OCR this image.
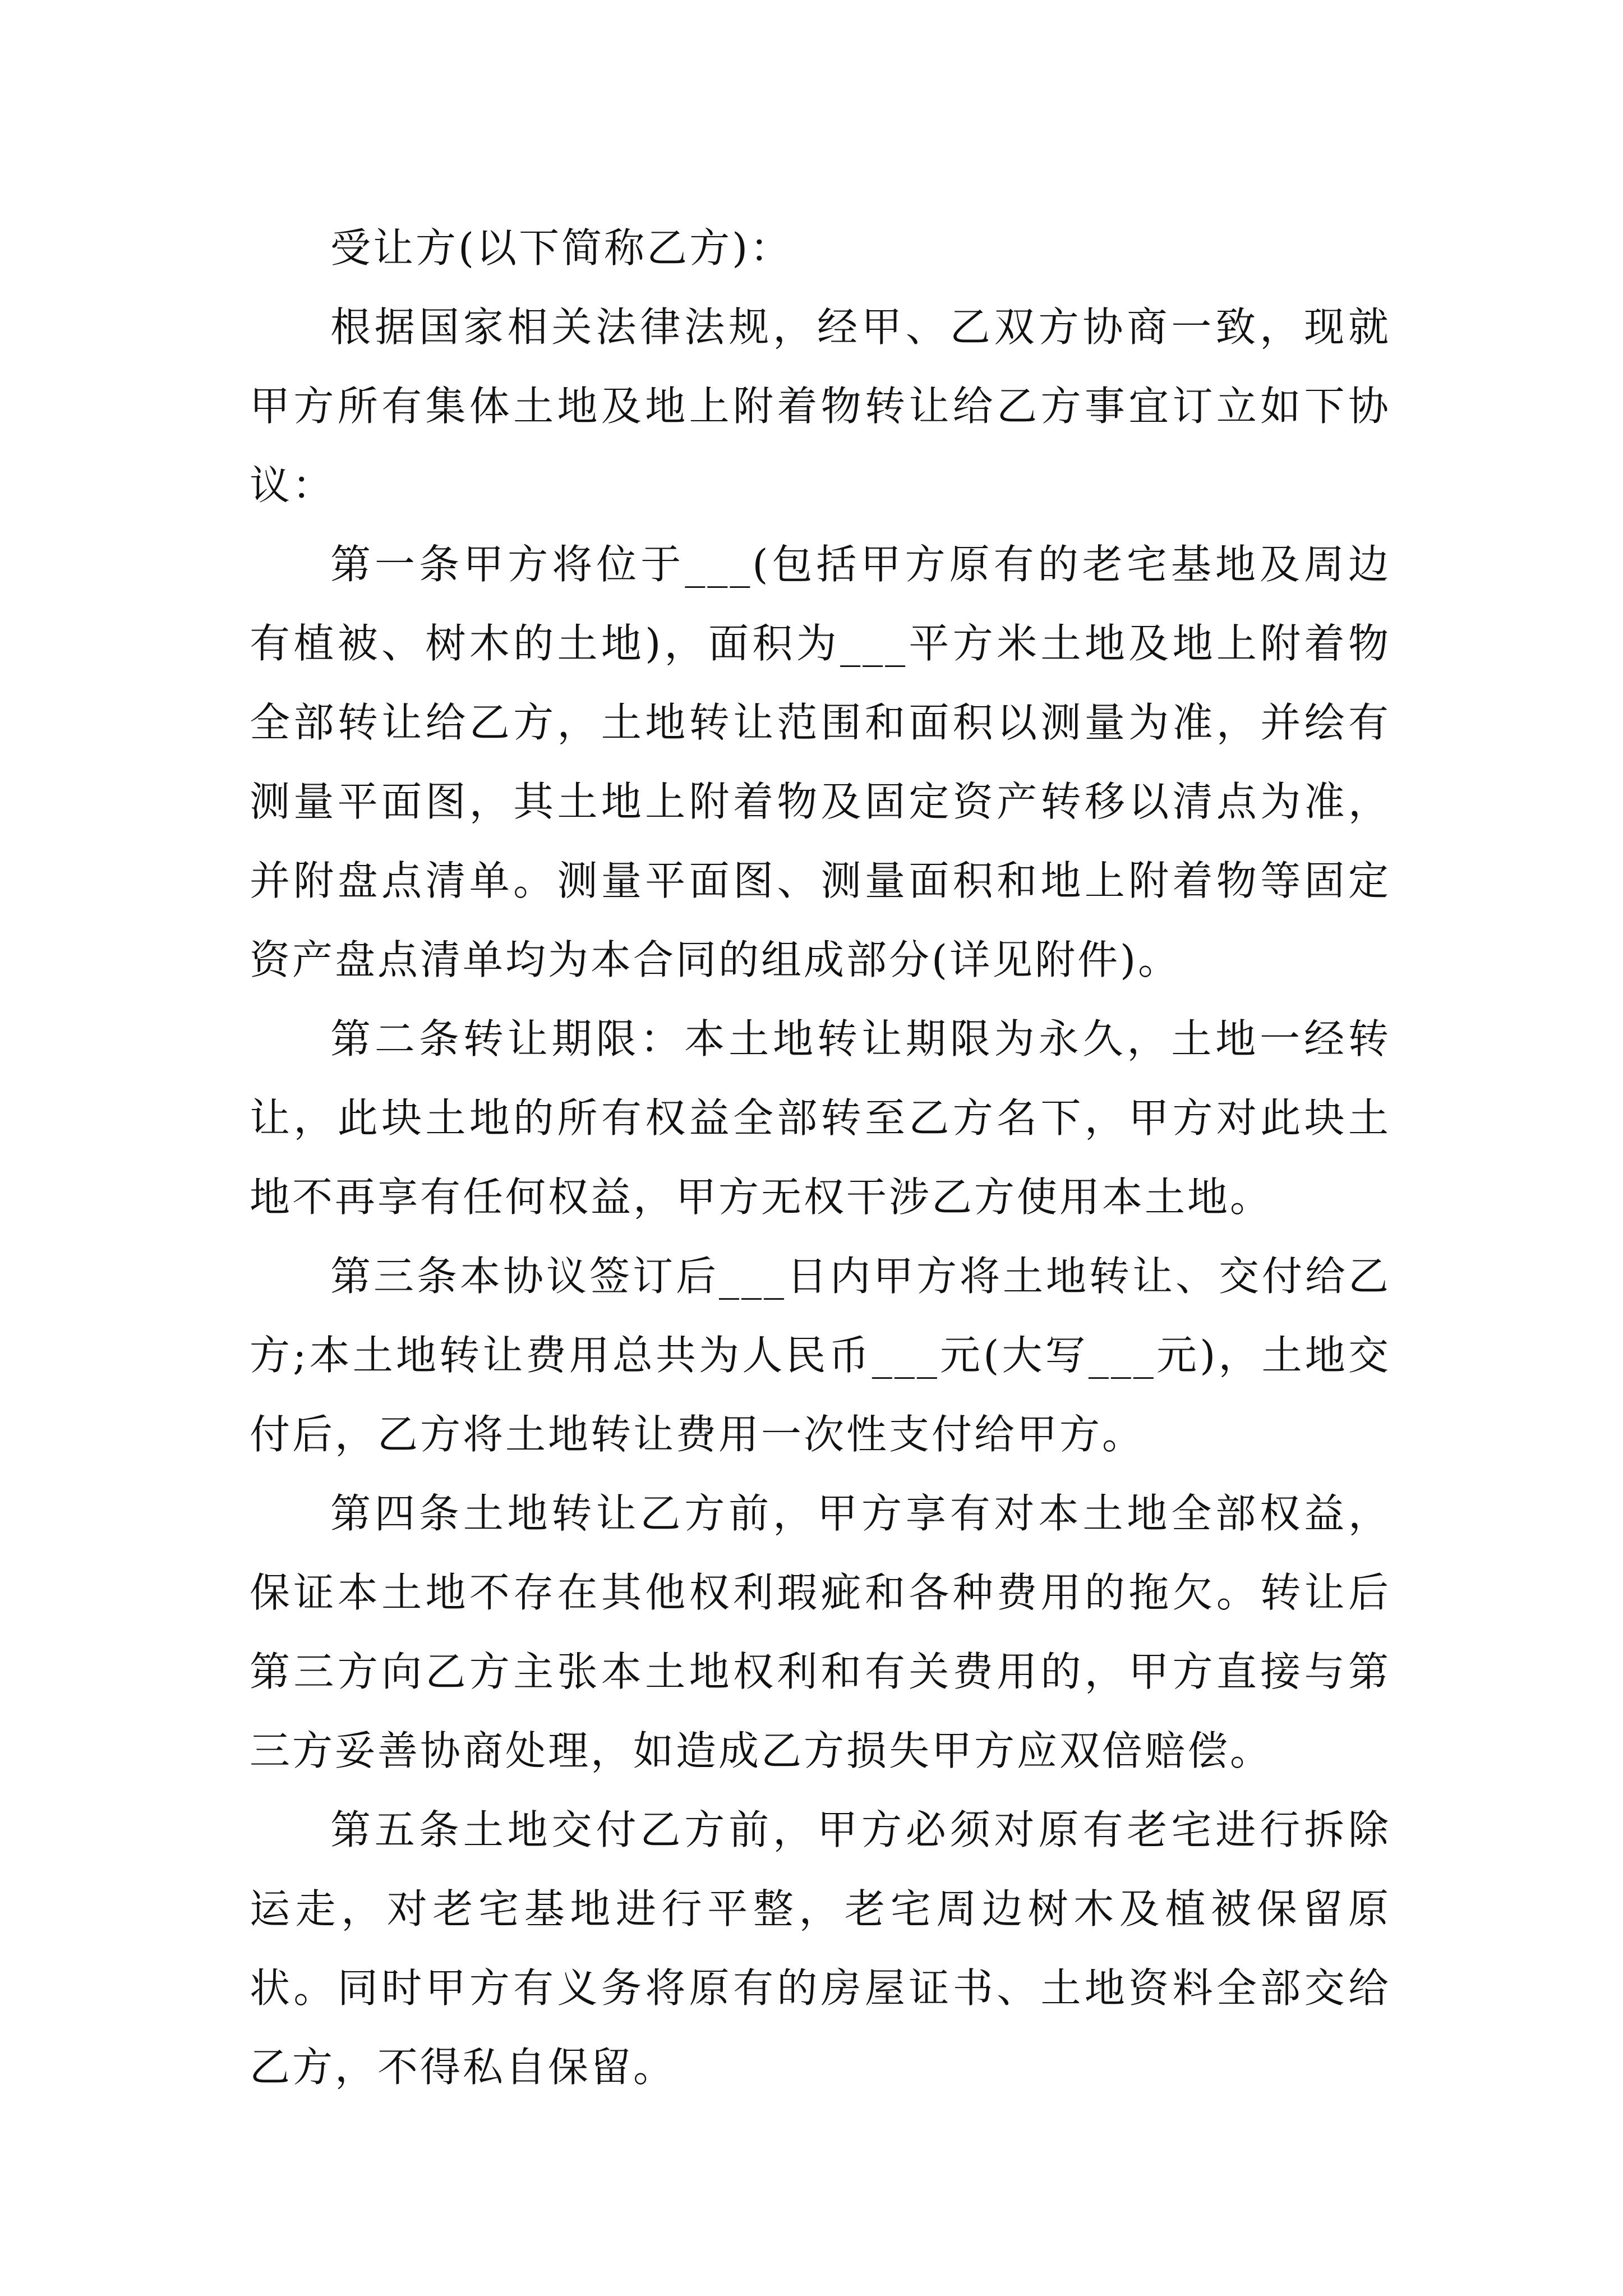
受让方(以下简称乙方)：

根据国家相关法律法规，经甲、乙双方协商一致，现就甲方所有集体土地及地上附着物转让给乙方事宜订立如下协议：

第一条甲方将位于___(包括甲方原有的老宅基地及周边有植被、树木的土地)，面积为___平方米土地及地上附着物全部转让给乙方，土地转让范围和面积以测量为准，并绘有测量平面图，其土地上附着物及固定资产转移以清点为准，并附盘点清单。测量平面图、测量面积和地上附着物等固定资产盘点清单均为本合同的组成部分(详见附件)。

第二条转让期限：本土地转让期限为永久，土地一经转让，此块土地的所有权益全部转至乙方名下，甲方对此块土地不再享有任何权益，甲方无权干涉乙方使用本土地。

第三条本协议签订后___日内甲方将土地转让、交付给乙方;本土地转让费用总共为人民币___元(大写___元)，土地交付后，乙方将土地转让费用一次性支付给甲方。

第四条土地转让乙方前，甲方享有对本土地全部权益，保证本土地不存在其他权利瑕疵和各种费用的拖欠。转让后第三方向乙方主张本土地权利和有关费用的，甲方直接与第三方妥善协商处理，如造成乙方损失甲方应双倍赔偿。

第五条土地交付乙方前，甲方必须对原有老宅进行拆除运走，对老宅基地进行平整，老宅周边树木及植被保留原状。同时甲方有义务将原有的房屋证书、土地资料全部交给乙方，不得私自保留。
